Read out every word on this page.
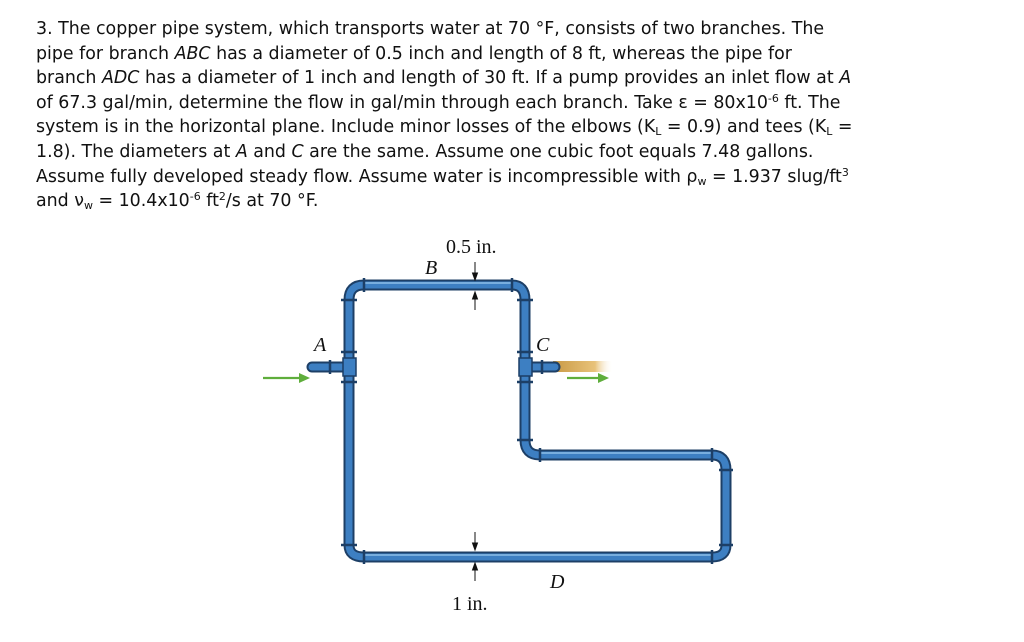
3. The copper pipe system, which transports water at 70 °F, consists of two branches. The
pipe for branch ABC has a diameter of 0.5 inch and length of 8 ft, whereas the pipe for
branch ADC has a diameter of 1 inch and length of 30 ft. If a pump provides an inlet flow at A
of 67.3 gal/min, determine the flow in gal/min through each branch. Take $\varepsilon = 80x10^{-6}$ ft. The
system is in the horizontal plane. Include minor losses of the elbows $(K_L = 0.9)$ and tees ($K_L$ =
1.8). The diameters at A and C are the same. Assume one cubic foot equals 7.48 gallons.
Assume fully developed steady flow. Assume water is incompressible with $\rho_w = 1.937$ slug/$ft^3$
and $\nu_w = 10.4x10^{-6}$ $ft^2/s$ at 70 °F.
0.5 in.
B
A	C
D
1 in.
